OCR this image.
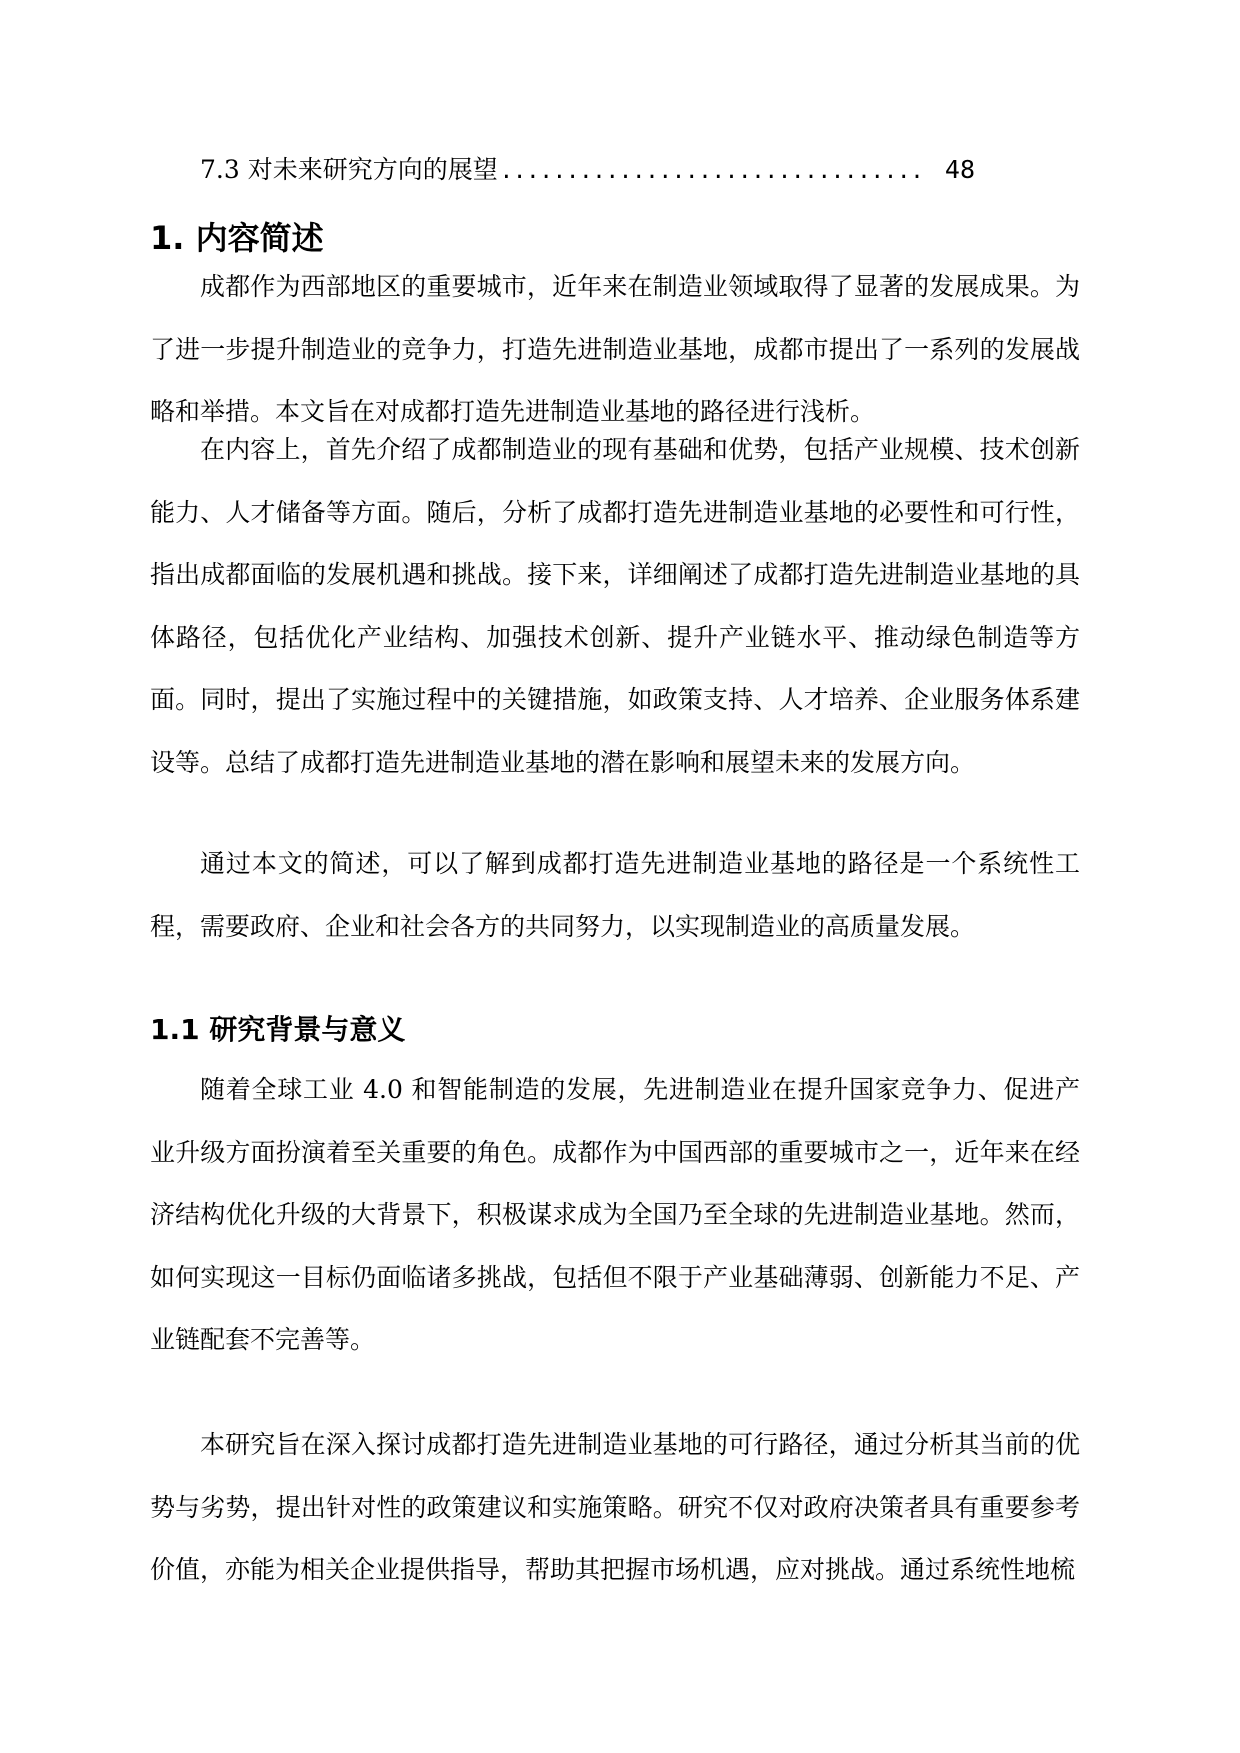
7.3 对未来研究方向的展望 ................................ 48
1. 内容简述

成都作为西部地区的重要城市，近年来在制造业领域取得了显著的发展成果。为了进一步提升制造业的竞争力，打造先进制造业基地，成都市提出了一系列的发展战略和举措。本文旨在对成都打造先进制造业基地的路径进行浅析。

在内容上，首先介绍了成都制造业的现有基础和优势，包括产业规模、技术创新能力、人才储备等方面。随后，分析了成都打造先进制造业基地的必要性和可行性，指出成都面临的发展机遇和挑战。接下来，详细阐述了成都打造先进制造业基地的具体路径，包括优化产业结构、加强技术创新、提升产业链水平、推动绿色制造等方面。同时，提出了实施过程中的关键措施，如政策支持、人才培养、企业服务体系建设等。总结了成都打造先进制造业基地的潜在影响和展望未来的发展方向。

通过本文的简述，可以了解到成都打造先进制造业基地的路径是一个系统性工程，需要政府、企业和社会各方的共同努力，以实现制造业的高质量发展。

1.1 研究背景与意义

随着全球工业 4.0 和智能制造的发展，先进制造业在提升国家竞争力、促进产业升级方面扮演着至关重要的角色。成都作为中国西部的重要城市之一，近年来在经济结构优化升级的大背景下，积极谋求成为全国乃至全球的先进制造业基地。然而，如何实现这一目标仍面临诸多挑战，包括但不限于产业基础薄弱、创新能力不足、产业链配套不完善等。

本研究旨在深入探讨成都打造先进制造业基地的可行路径，通过分析其当前的优势与劣势，提出针对性的政策建议和实施策略。研究不仅对政府决策者具有重要参考价值，亦能为相关企业提供指导，帮助其把握市场机遇，应对挑战。通过系统性地梳
